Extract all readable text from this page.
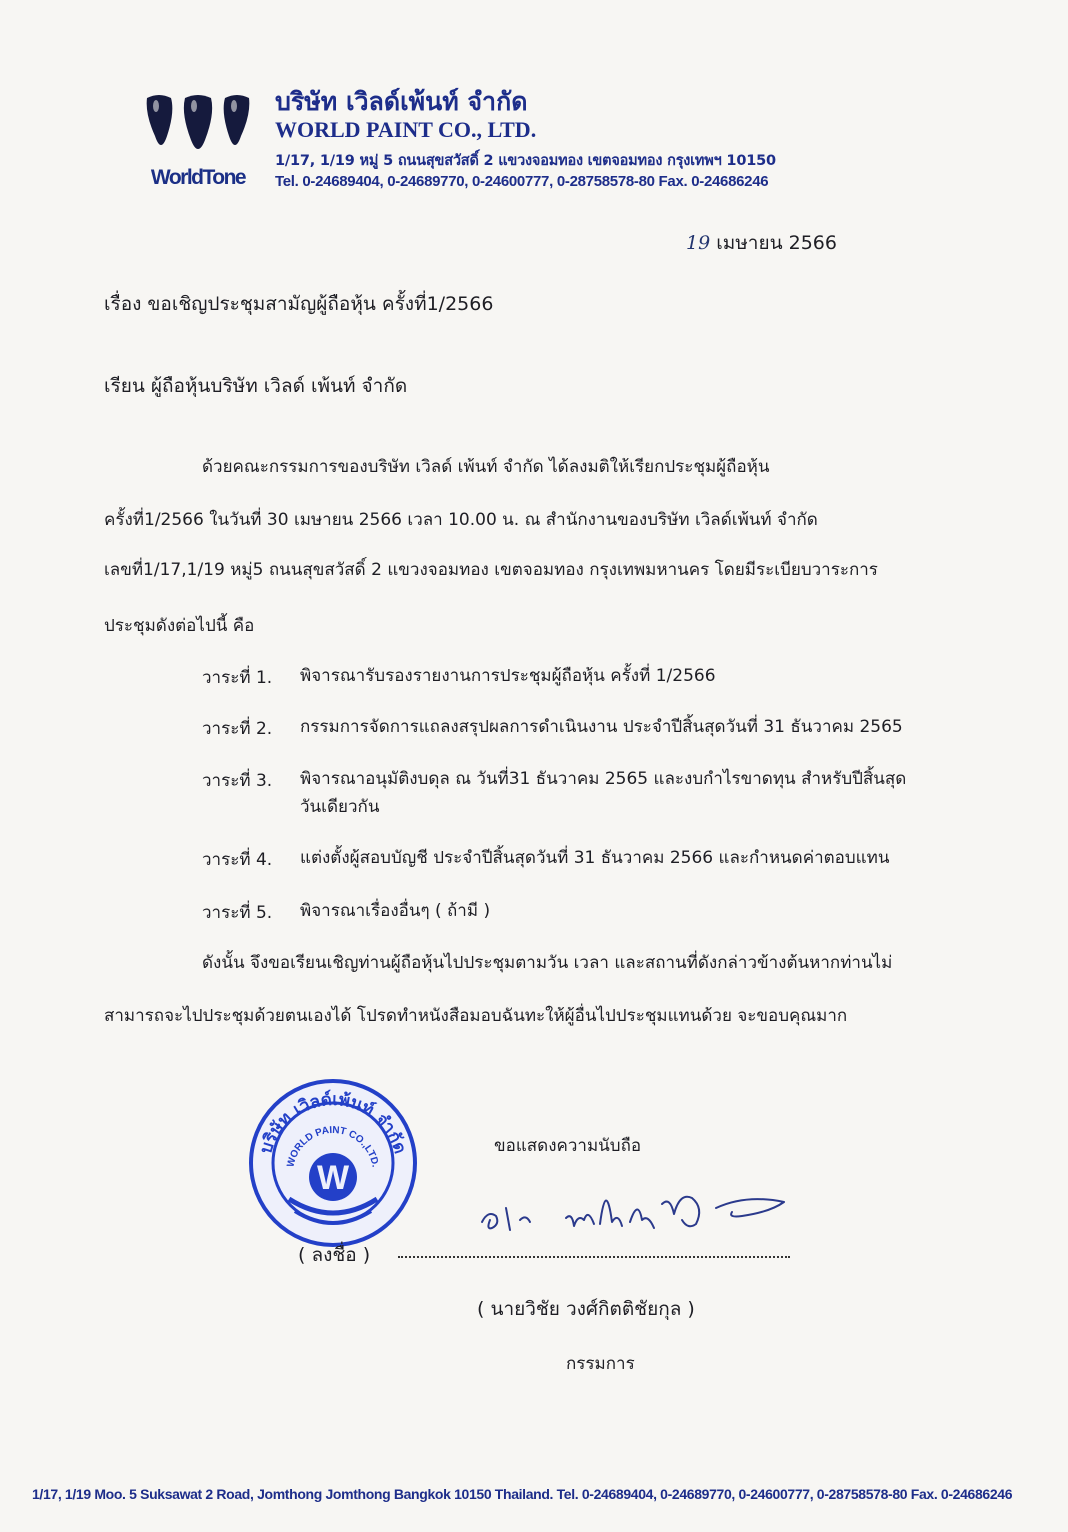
WorldTone

บริษัท เวิลด์เพ้นท์ จำกัด

WORLD PAINT CO., LTD.

1/17, 1/19 หมู่ 5 ถนนสุขสวัสดิ์ 2 แขวงจอมทอง เขตจอมทอง กรุงเทพฯ 10150

Tel. 0-24689404, 0-24689770, 0-24600777, 0-28758578-80 Fax. 0-24686246

19 เมษายน 2566

เรื่อง ขอเชิญประชุมสามัญผู้ถือหุ้น ครั้งที่1/2566

เรียน ผู้ถือหุ้นบริษัท เวิลด์ เพ้นท์ จำกัด

ด้วยคณะกรรมการของบริษัท เวิลด์ เพ้นท์ จำกัด ได้ลงมติให้เรียกประชุมผู้ถือหุ้น

ครั้งที่1/2566 ในวันที่ 30 เมษายน 2566 เวลา 10.00 น. ณ สำนักงานของบริษัท เวิลด์เพ้นท์ จำกัด

เลขที่1/17,1/19 หมู่5 ถนนสุขสวัสดิ์ 2 แขวงจอมทอง เขตจอมทอง กรุงเทพมหานคร โดยมีระเบียบวาระการ

ประชุมดังต่อไปนี้ คือ

วาระที่ 1. พิจารณารับรองรายงานการประชุมผู้ถือหุ้น ครั้งที่ 1/2566

วาระที่ 2. กรรมการจัดการแถลงสรุปผลการดำเนินงาน ประจำปีสิ้นสุดวันที่ 31 ธันวาคม 2565

วาระที่ 3. พิจารณาอนุมัติงบดุล ณ วันที่31 ธันวาคม 2565 และงบกำไรขาดทุน สำหรับปีสิ้นสุด

วันเดียวกัน

วาระที่ 4. แต่งตั้งผู้สอบบัญชี ประจำปีสิ้นสุดวันที่ 31 ธันวาคม 2566 และกำหนดค่าตอบแทน

วาระที่ 5. พิจารณาเรื่องอื่นๆ ( ถ้ามี )

ดังนั้น จึงขอเรียนเชิญท่านผู้ถือหุ้นไปประชุมตามวัน เวลา และสถานที่ดังกล่าวข้างต้นหากท่านไม่

สามารถจะไปประชุมด้วยตนเองได้ โปรดทำหนังสือมอบฉันทะให้ผู้อื่นไปประชุมแทนด้วย จะขอบคุณมาก

บริษัท เวิลด์เพ้นท์ จำกัด
WORLD PAINT CO.,LTD.
W

ขอแสดงความนับถือ

( ลงชื่อ )

( นายวิชัย วงศ์กิตติชัยกุล )

กรรมการ

1/17, 1/19 Moo. 5 Suksawat 2 Road, Jomthong Jomthong Bangkok 10150 Thailand. Tel. 0-24689404, 0-24689770, 0-24600777, 0-28758578-80 Fax. 0-24686246
